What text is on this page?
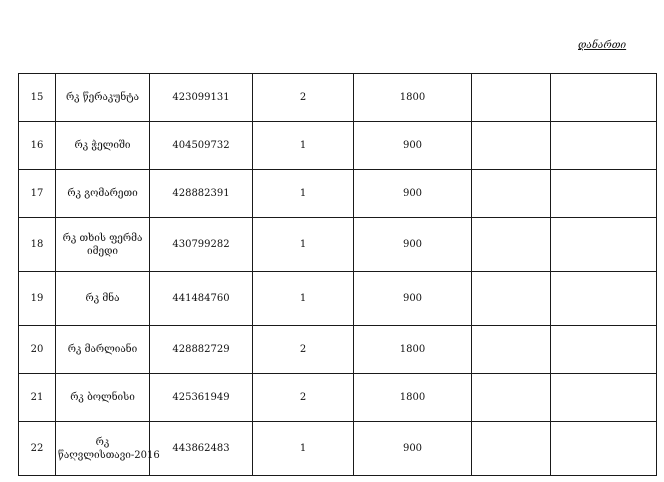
დანართი
15	რკ წერაკუნტა	423099131	2	1800		
16	რკ ჭელიში	404509732	1	900		
17	რკ გომარეთი	428882391	1	900		
18	რკ თხის ფერმა იმედი	430799282	1	900		
19	რკ მნა	441484760	1	900		
20	რკ მარლიანი	428882729	2	1800		
21	რკ ბოლნისი	425361949	2	1800		
22	რკ წაღვლისთავი-2016	443862483	1	900		
